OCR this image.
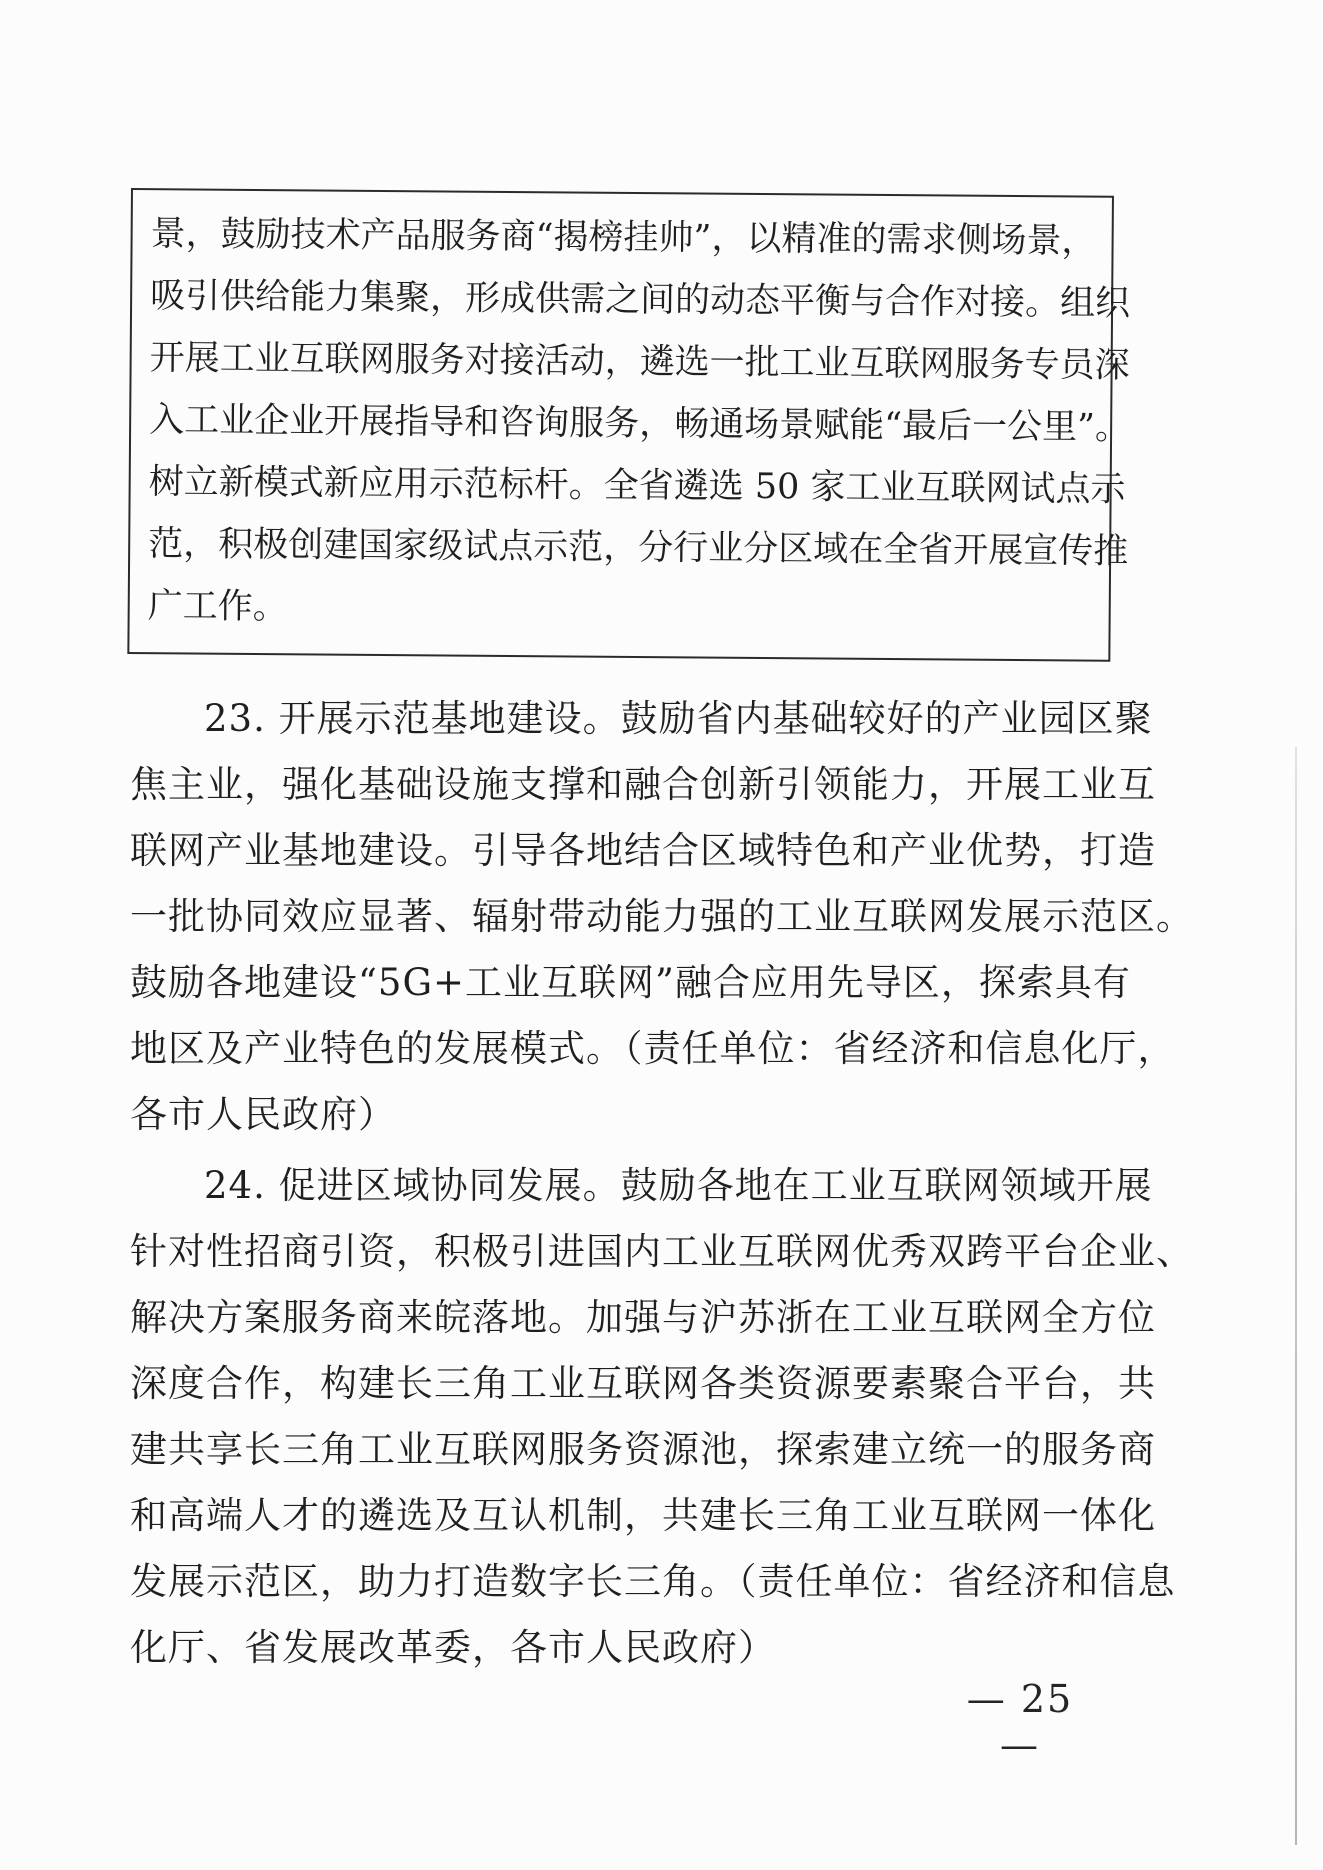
景，鼓励技术产品服务商“揭榜挂帅”，以精准的需求侧场景，
吸引供给能力集聚，形成供需之间的动态平衡与合作对接。组织
开展工业互联网服务对接活动，遴选一批工业互联网服务专员深
入工业企业开展指导和咨询服务，畅通场景赋能“最后一公里”。
树立新模式新应用示范标杆。全省遴选 50 家工业互联网试点示
范，积极创建国家级试点示范，分行业分区域在全省开展宣传推
广工作。
23. 开展示范基地建设。鼓励省内基础较好的产业园区聚
焦主业，强化基础设施支撑和融合创新引领能力，开展工业互
联网产业基地建设。引导各地结合区域特色和产业优势，打造
一批协同效应显著、辐射带动能力强的工业互联网发展示范区。
鼓励各地建设“5G+工业互联网”融合应用先导区，探索具有
地区及产业特色的发展模式。（责任单位：省经济和信息化厅，
各市人民政府）
24. 促进区域协同发展。鼓励各地在工业互联网领域开展
针对性招商引资，积极引进国内工业互联网优秀双跨平台企业、
解决方案服务商来皖落地。加强与沪苏浙在工业互联网全方位
深度合作，构建长三角工业互联网各类资源要素聚合平台，共
建共享长三角工业互联网服务资源池，探索建立统一的服务商
和高端人才的遴选及互认机制，共建长三角工业互联网一体化
发展示范区，助力打造数字长三角。（责任单位：省经济和信息
化厅、省发展改革委，各市人民政府）
— 25 —
